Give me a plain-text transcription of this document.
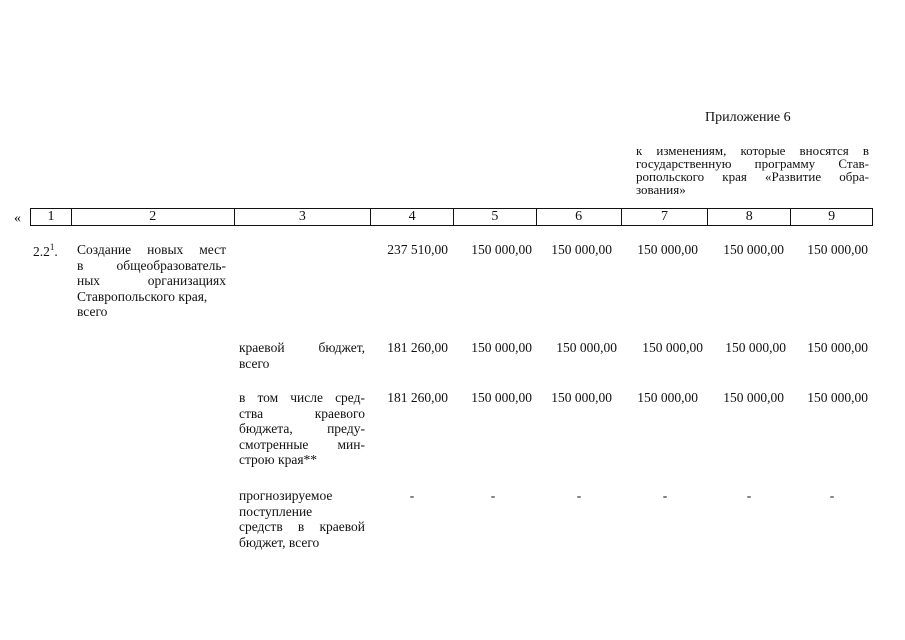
Приложение 6
к изменениям, которые вносятся в
государственную программу Став-
ропольского края «Развитие обра-
зования»
«	1	2	3	4	5	6	7	8	9
$2.2^1$. Создание новых мест
в общеобразователь-
ных организациях
Ставропольского края,
всего
237 510,00	150 000,00	150 000,00	150 000,00	150 000,00	150 000,00
краевой бюджет,
всего
181 260,00	150 000,00	150 000,00	150 000,00	150 000,00	150 000,00
в том числе сред-
ства краевого
бюджета, преду-
смотренные мин-
строю края**
181 260,00	150 000,00	150 000,00	150 000,00	150 000,00	150 000,00
прогнозируемое
поступление
средств в краевой
бюджет, всего
-	-	-	-	-	-
